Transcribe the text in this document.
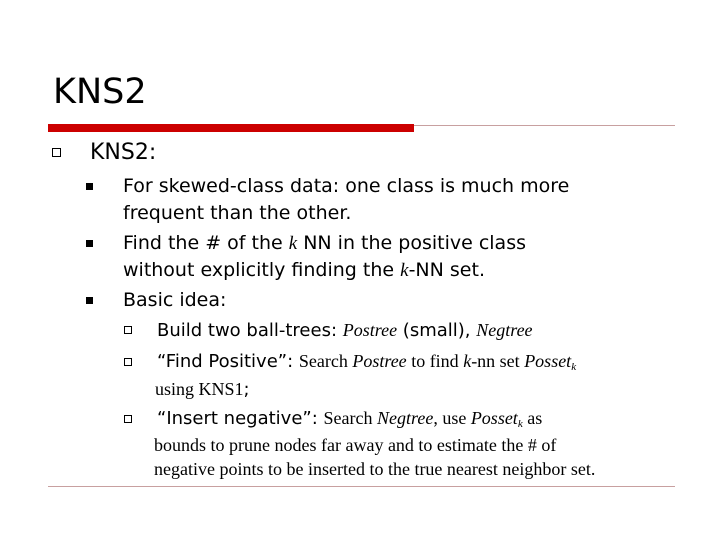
KNS2
KNS2:
For skewed-class data: one class is much more
frequent than the other.
Find the # of the k NN in the positive class
without explicitly finding the k-NN set.
Basic idea:
Build two ball-trees: Postree (small), Negtree
“Find Positive”: Search Postree to find k-nn set Posset$_k$
using KNS1;
“Insert negative”: Search Negtree, use Posset$_k$ as
bounds to prune nodes far away and to estimate the # of
negative points to be inserted to the true nearest neighbor set.
